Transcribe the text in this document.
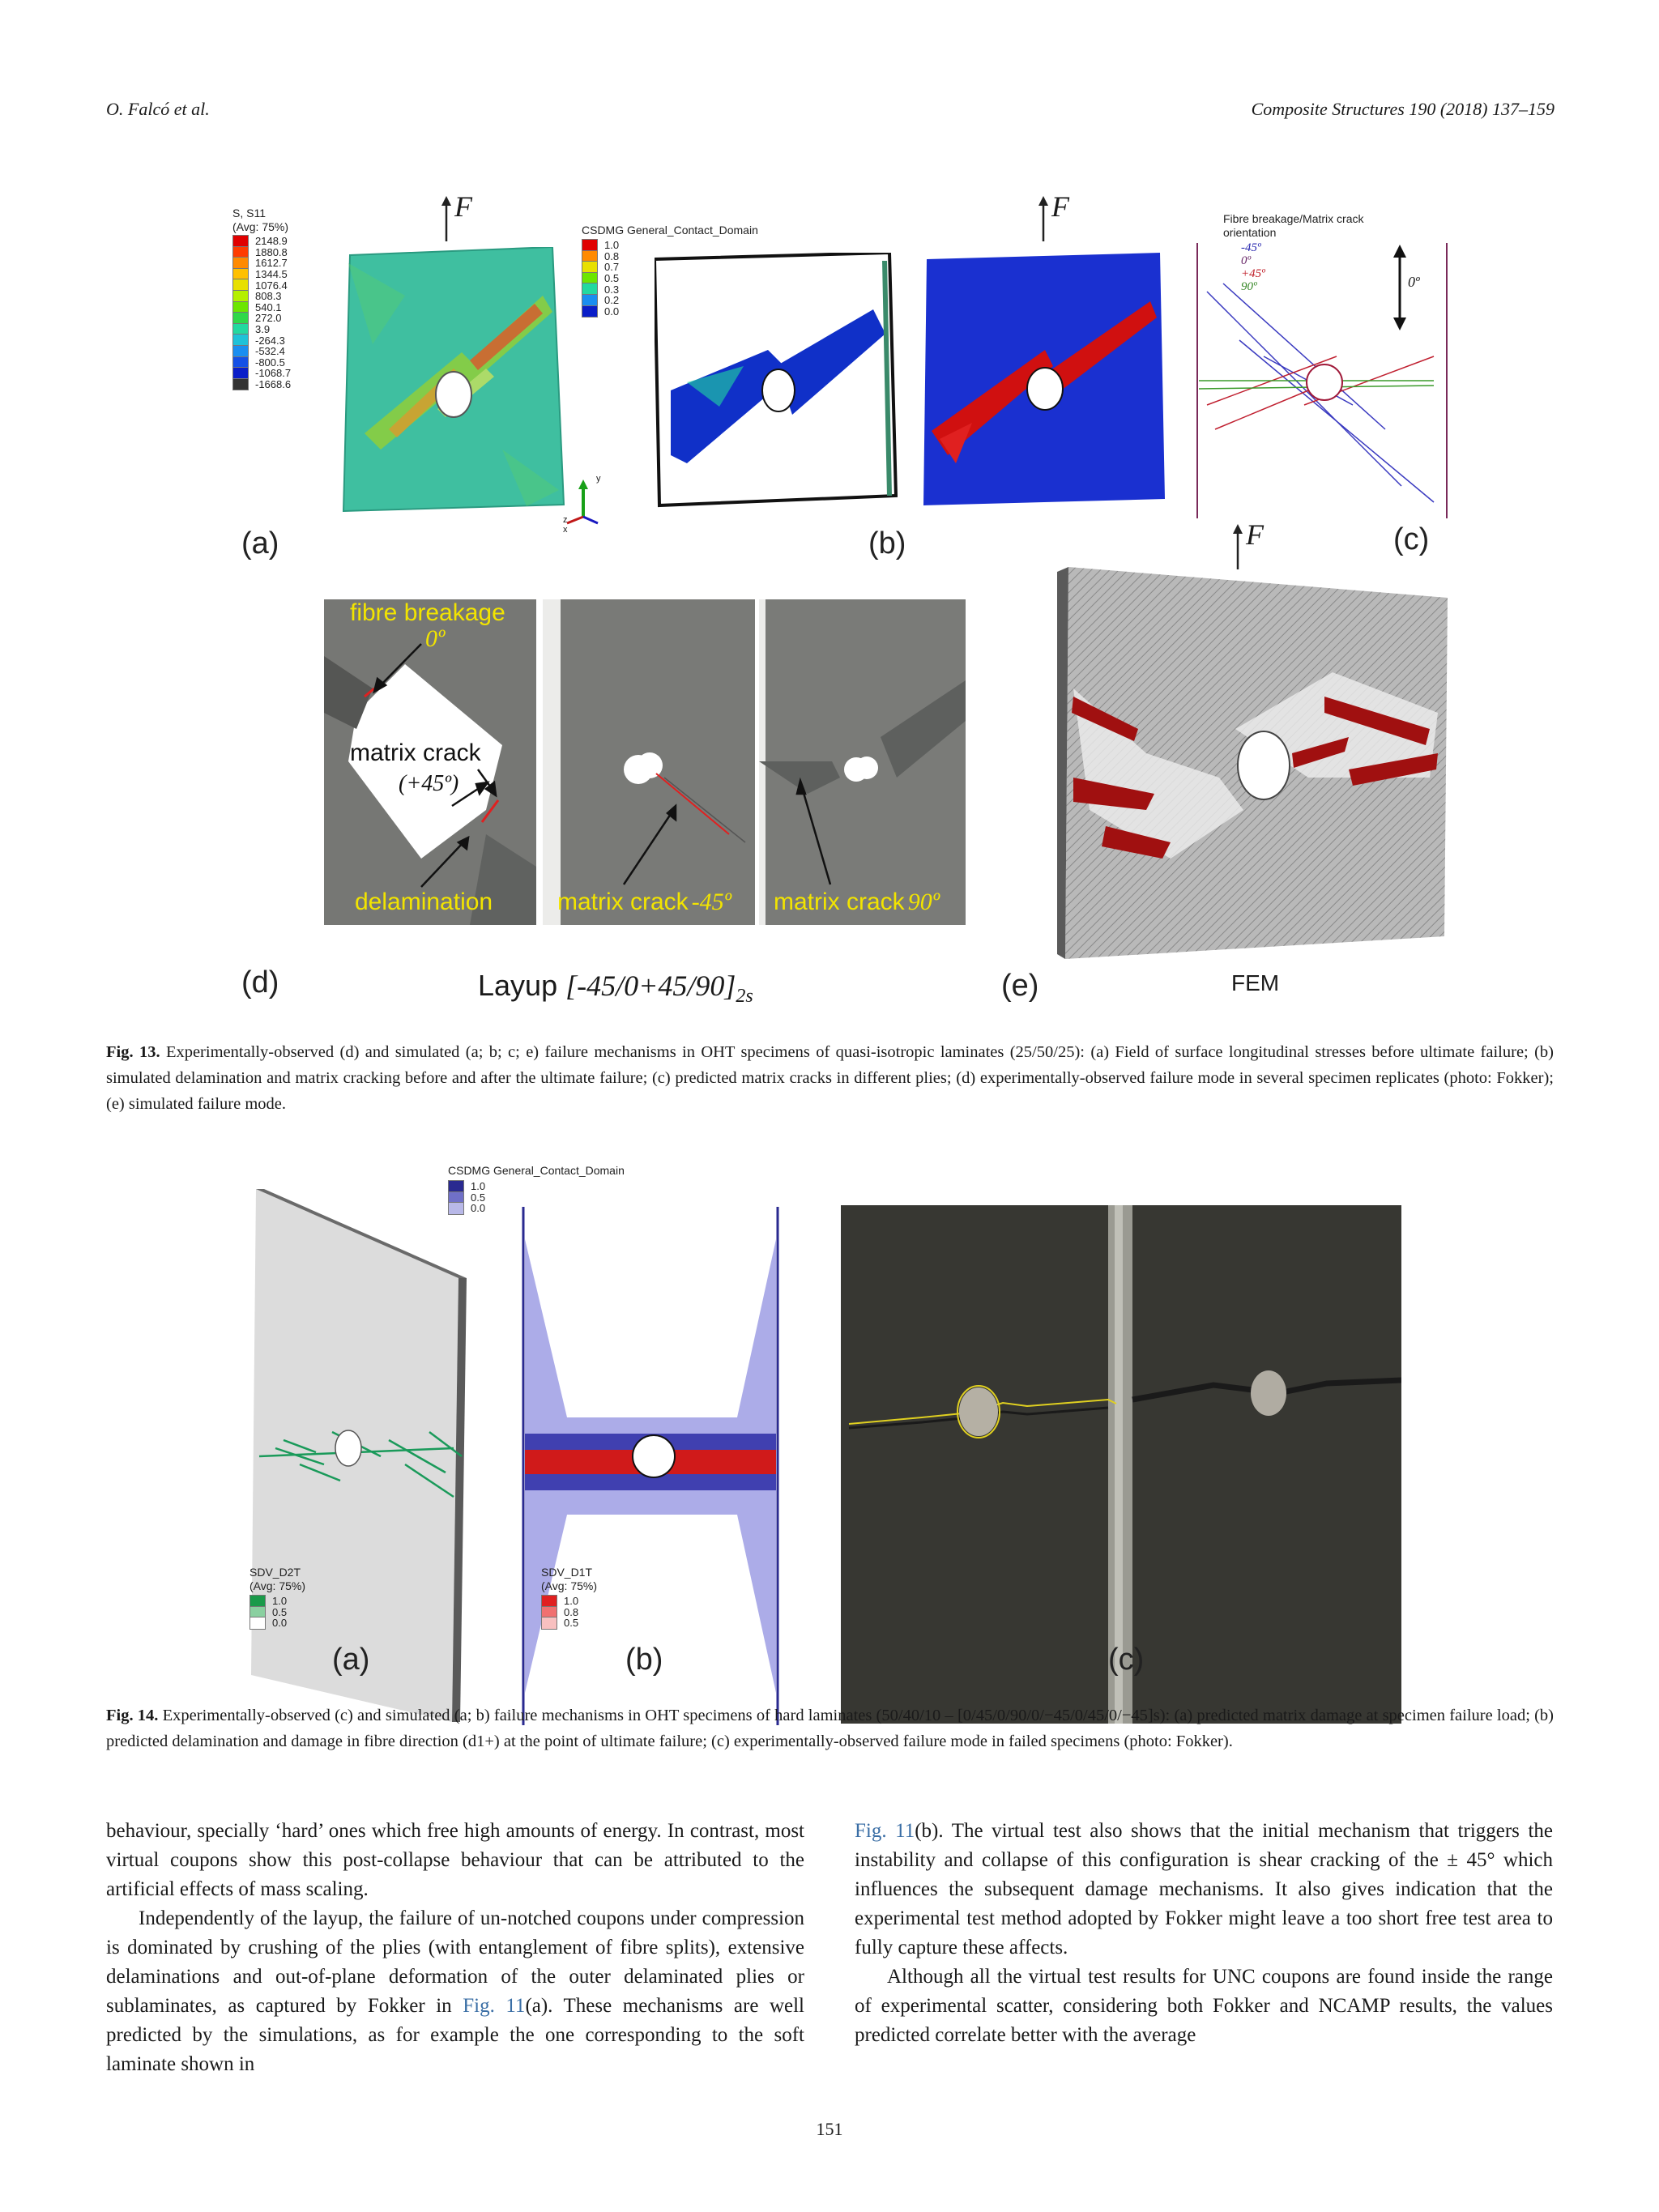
O. Falcó et al.	Composite Structures 190 (2018) 137–159
S, S11
(Avg: 75%)
2148.9
1880.8
1612.7
1344.5
1076.4
808.3
540.1
272.0
3.9
-264.3
-532.4
-800.5
-1068.7
-1668.6
F	F
F
CSDMG General_Contact_Domain
1.0
0.8
0.7
0.5
0.3
0.2
0.0
y
z
x
Fibre breakage/Matrix crack
orientation
-45º
0º
+45º
90º	0º
(a)	(b)	(c)
fibre breakage
0º
matrix crack
(+45º)
delamination	matrix crack -45º matrix crack 90º
(d)	Layup $[-45/0+45/90]_{2s}$	(e)	FEM
Fig. 13. Experimentally-observed (d) and simulated (a; b; c; e) failure mechanisms in OHT specimens of quasi-isotropic laminates (25/50/25): (a) Field of surface longitudinal stresses before ultimate failure; (b) simulated delamination and matrix cracking before and after the ultimate failure; (c) predicted matrix cracks in different plies; (d) experimentally-observed failure mode in several specimen replicates (photo: Fokker); (e) simulated failure mode.
CSDMG General_Contact_Domain
1.0
0.5
0.0
SDV_D2T
(Avg: 75%)
1.0
0.5
0.0
SDV_D1T
(Avg: 75%)
1.0
0.8
0.5
(a)	(b)	(c)
Fig. 14. Experimentally-observed (c) and simulated (a; b) failure mechanisms in OHT specimens of hard laminates (50/40/10 – [0/45/0/90/0/−45/0/45/0/−45]s): (a) predicted matrix damage at specimen failure load; (b) predicted delamination and damage in fibre direction (d1+) at the point of ultimate failure; (c) experimentally-observed failure mode in failed specimens (photo: Fokker).

behaviour, specially ‘hard’ ones which free high amounts of energy. In contrast, most virtual coupons show this post-collapse behaviour that can be attributed to the artificial effects of mass scaling.

Independently of the layup, the failure of un-notched coupons under compression is dominated by crushing of the plies (with entanglement of fibre splits), extensive delaminations and out-of-plane deformation of the outer delaminated plies or sublaminates, as captured by Fokker in Fig. 11(a). These mechanisms are well predicted by the simulations, as for example the one corresponding to the soft laminate shown in

Fig. 11(b). The virtual test also shows that the initial mechanism that triggers the instability and collapse of this configuration is shear cracking of the ± 45° which influences the subsequent damage mechanisms. It also gives indication that the experimental test method adopted by Fokker might leave a too short free test area to fully capture these affects.

Although all the virtual test results for UNC coupons are found inside the range of experimental scatter, considering both Fokker and NCAMP results, the values predicted correlate better with the average

151
